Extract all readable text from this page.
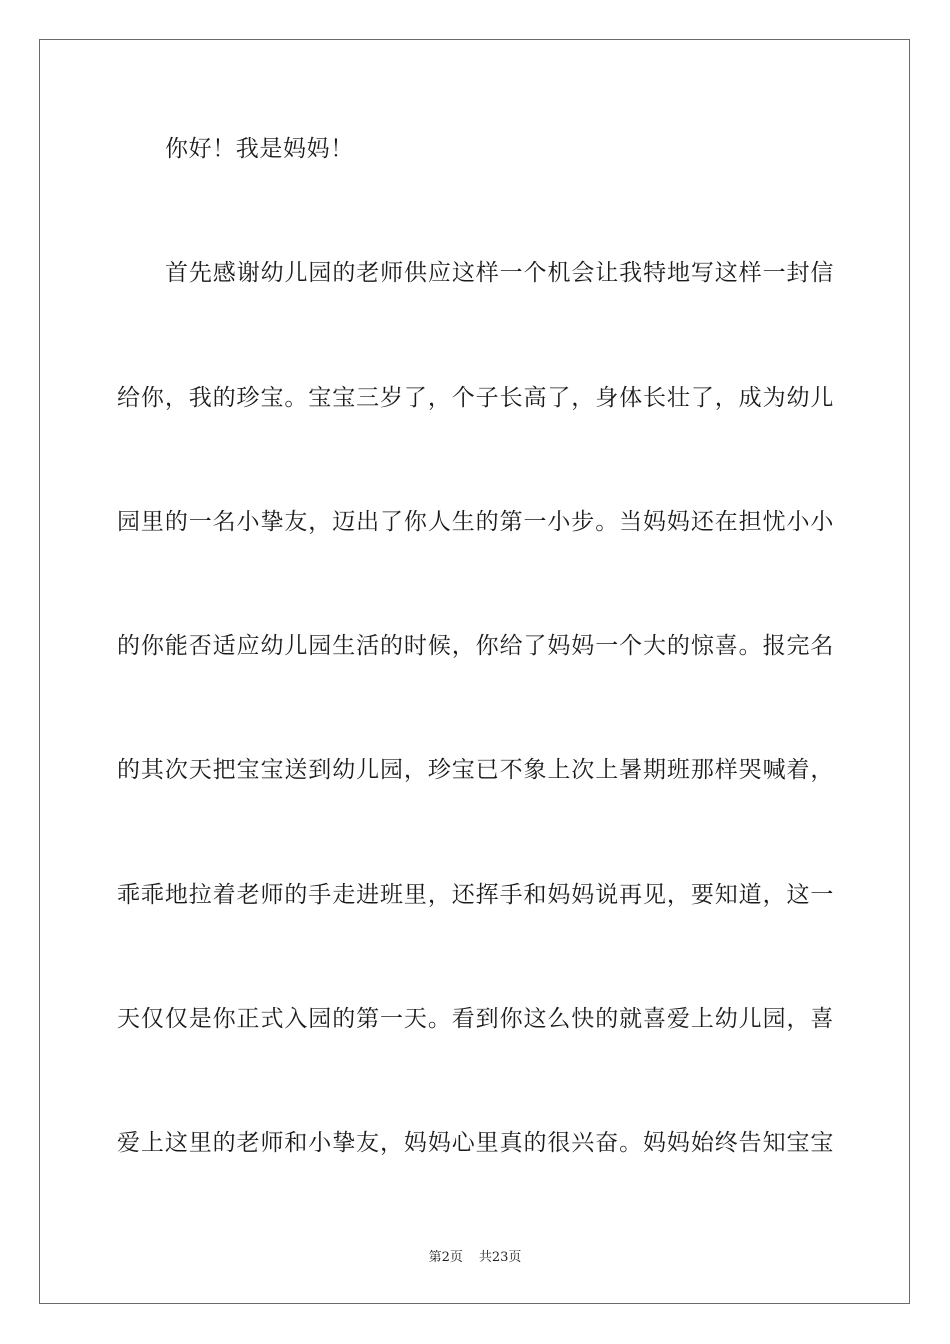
你好！我是妈妈！
首先感谢幼儿园的老师供应这样一个机会让我特地写这样一封信
给你，我的珍宝。宝宝三岁了，个子长高了，身体长壮了，成为幼儿
园里的一名小挚友，迈出了你人生的第一小步。当妈妈还在担忧小小
的你能否适应幼儿园生活的时候，你给了妈妈一个大的惊喜。报完名
的其次天把宝宝送到幼儿园，珍宝已不象上次上暑期班那样哭喊着，
乖乖地拉着老师的手走进班里，还挥手和妈妈说再见，要知道，这一
天仅仅是你正式入园的第一天。看到你这么快的就喜爱上幼儿园，喜
爱上这里的老师和小挚友，妈妈心里真的很兴奋。妈妈始终告知宝宝
第2页 共23页
